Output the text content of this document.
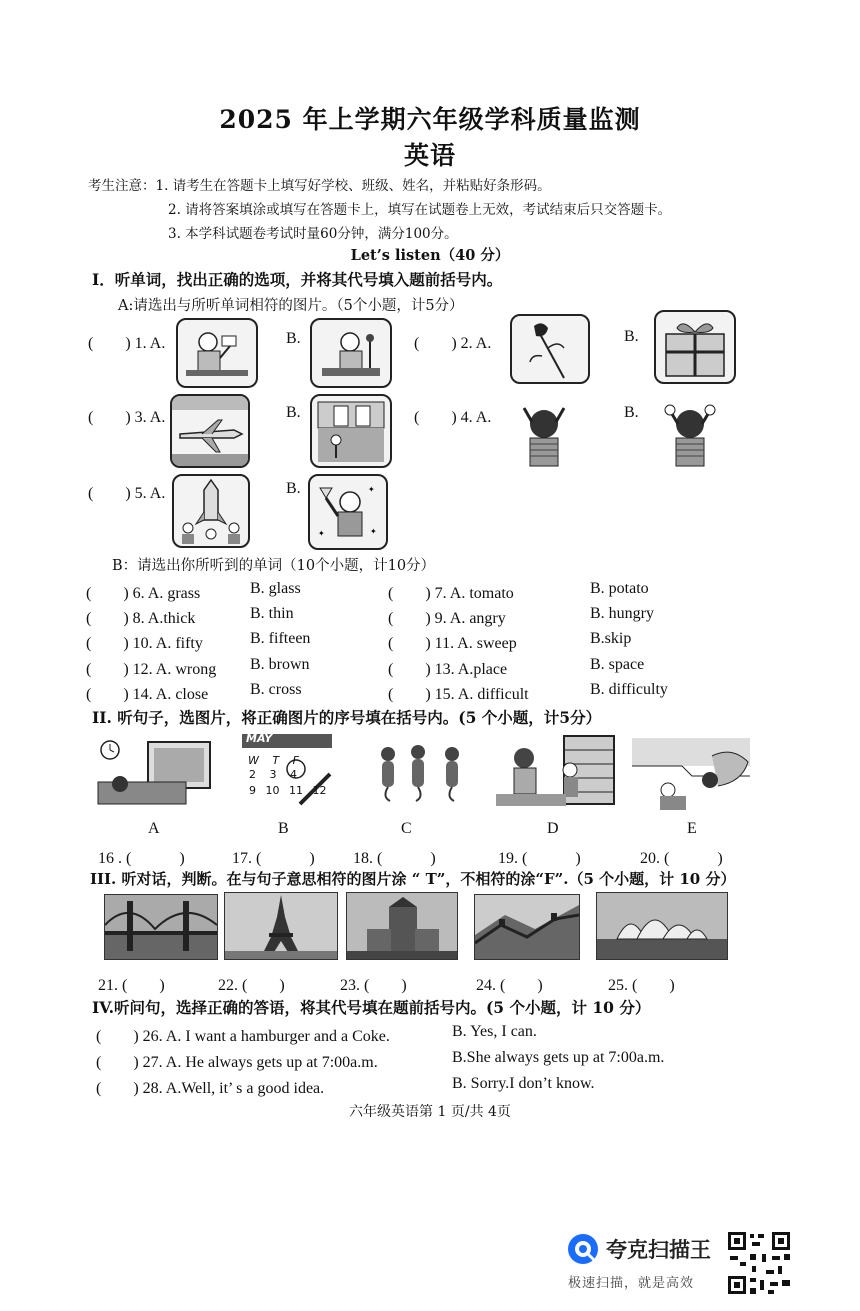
2025 年上学期六年级学科质量监测
英语
考生注意：1. 请考生在答题卡上填写好学校、班级、姓名，并粘贴好条形码。
2. 请将答案填涂或填写在答题卡上，填写在试题卷上无效，考试结束后只交答题卡。
3. 本学科试题卷考试时量60分钟，满分100分。
Let’s listen（40 分）
Ⅰ．听单词，找出正确的选项，并将其代号填入题前括号内。
A:请选出与所听单词相符的图片。（5个小题，计5分）
(　　) 1. A.	B.	(　　) 2. A.	B.
(　　) 3. A.	B.	(　　) 4. A.	B.
(　　) 5. A.	B.	✦
✦	✦
B：请选出你所听到的单词（10个小题，计10分）
(　　) 6. A. grass	B. glass	(　　) 7. A. tomato	B. potato
(　　) 8. A.thick	B. thin	(　　) 9. A. angry	B. hungry
(　　) 10. A. fifty	B. fifteen	(　　) 11. A. sweep	B.skip
(　　) 12. A. wrong B. brown	(　　) 13. A.place	B. space
(　　) 14. A. close	B. cross	(　　) 15. A. difficult	B. difficulty
II. 听句子，选图片，将正确图片的序号填在括号内。(5 个小题，计5分）
MAY
W T F
2 3 4
9 10 11 12
A	B	C	D	E
16 . (　　　)	17. (　　　) 18. (　　　)	19. (　　　)	20. (　　　)
III. 听对话，判断。在与句子意思相符的图片涂 “ T”，不相符的涂“F”.（5 个小题，计 10 分）
21. (　　)	22. (　　)	23. (　　)	24. (　　)	25. (　　)
IV.听问句，选择正确的答语，将其代号填在题前括号内。(5 个小题，计 10 分）
(　　) 26. A. I want a hamburger and a Coke.	B. Yes, I can.
(　　) 27. A. He always gets up at 7:00a.m.	B.She always gets up at 7:00a.m.
(　　) 28. A.Well, it’ s a good idea.	B. Sorry.I don’t know.
六年级英语第 1 页/共 4页
夸克扫描王
极速扫描，就是高效
